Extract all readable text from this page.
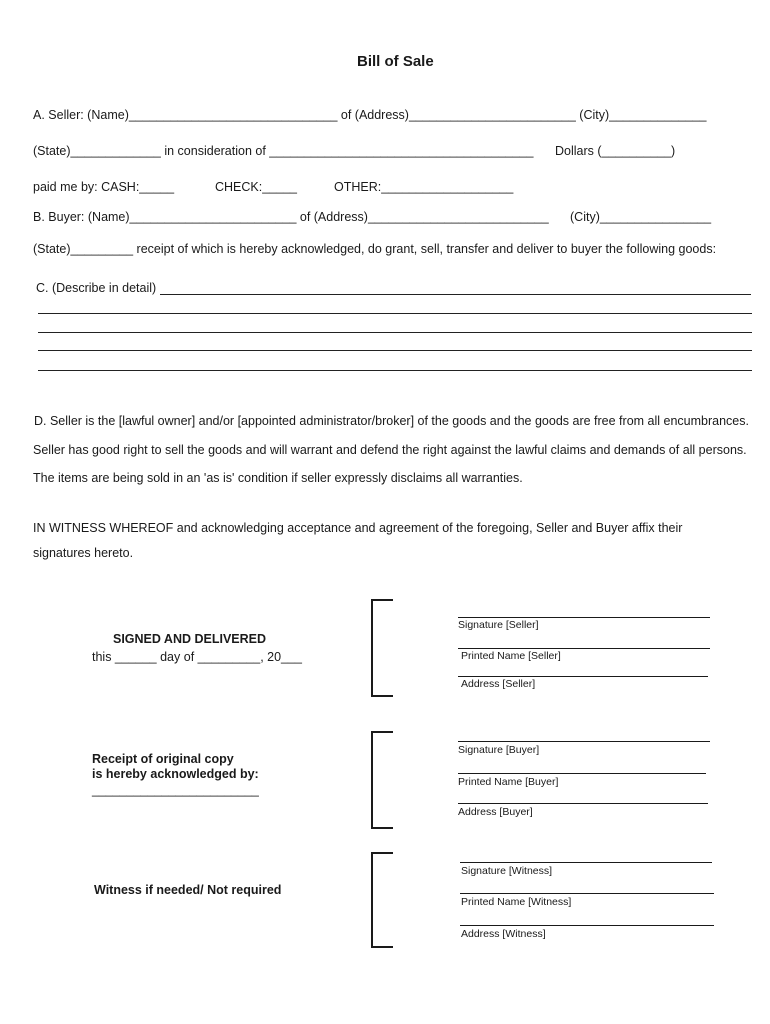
Bill of Sale
A. Seller: (Name)______________________________ of (Address)________________________ (City)______________
(State)_____________ in consideration of ______________________________________ Dollars (__________)
paid me by: CASH:_____	CHECK:_____	OTHER:___________________
B. Buyer: (Name)________________________ of (Address)__________________________ (City)________________
(State)_________ receipt of which is hereby acknowledged, do grant, sell, transfer and deliver to buyer the following goods:
C. (Describe in detail)
D. Seller is the [lawful owner] and/or [appointed administrator/broker] of the goods and the goods are free from all encumbrances.
Seller has good right to sell the goods and will warrant and defend the right against the lawful claims and demands of all persons.
The items are being sold in an 'as is' condition if seller expressly disclaims all warranties.
IN WITNESS WHEREOF and acknowledging acceptance and agreement of the foregoing, Seller and Buyer affix their
signatures hereto.
SIGNED AND DELIVERED
this ______ day of _________, 20___
Receipt of original copy
is hereby acknowledged by:
________________________
Witness if needed/ Not required
Signature [Seller]
Printed Name [Seller]
Address [Seller]
Signature [Buyer]
Printed Name [Buyer]
Address [Buyer]
Signature [Witness]
Printed Name [Witness]
Address [Witness]
